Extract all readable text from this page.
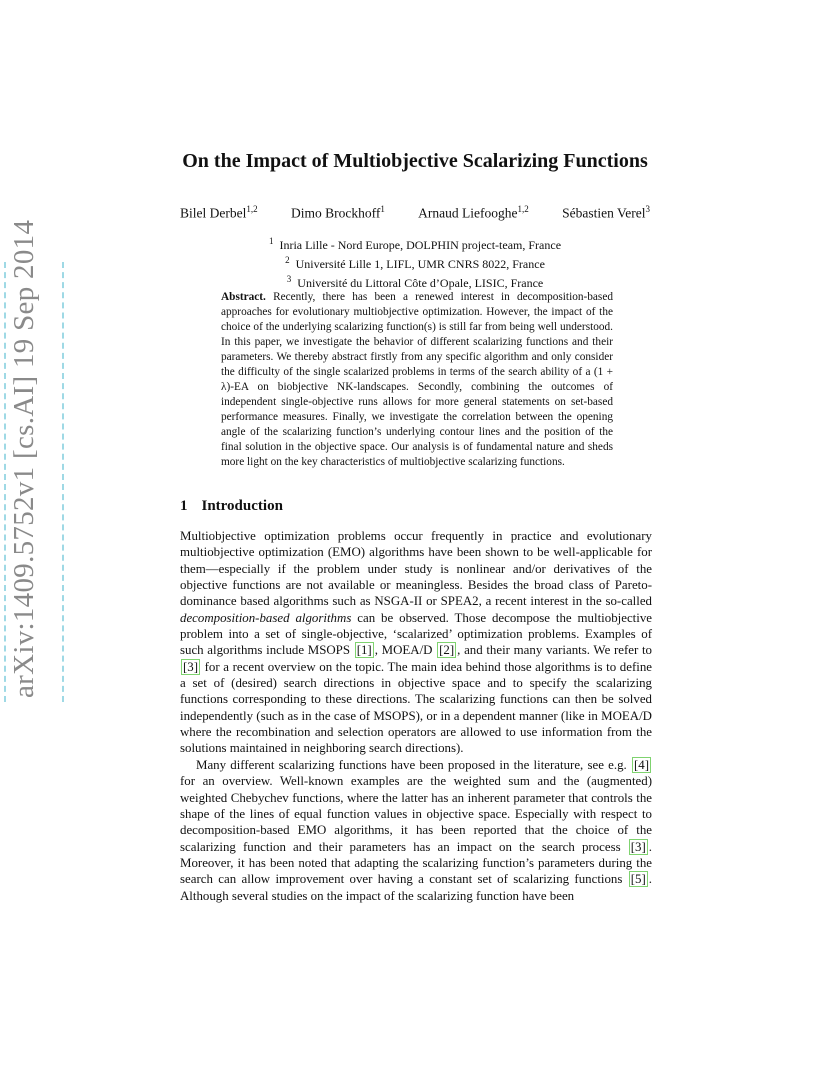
arXiv:1409.5752v1 [cs.AI] 19 Sep 2014
On the Impact of Multiobjective Scalarizing Functions
Bilel Derbel$^{1,2}$ Dimo Brockhoff$^1$ Arnaud Liefooghe$^{1,2}$ Sébastien Verel$^3$
$^1$ Inria Lille - Nord Europe, DOLPHIN project-team, France
$^2$ Université Lille 1, LIFL, UMR CNRS 8022, France
$^3$ Université du Littoral Côte d’Opale, LISIC, France
Abstract. Recently, there has been a renewed interest in decomposition-based approaches for evolutionary multiobjective optimization. However, the impact of the choice of the underlying scalarizing function(s) is still far from being well understood. In this paper, we investigate the behavior of different scalarizing functions and their parameters. We thereby abstract firstly from any specific algorithm and only consider the difficulty of the single scalarized problems in terms of the search ability of a (1 + λ)-EA on biobjective NK-landscapes. Secondly, combining the outcomes of independent single-objective runs allows for more general statements on set-based performance measures. Finally, we investigate the correlation between the opening angle of the scalarizing function’s underlying contour lines and the position of the final solution in the objective space. Our analysis is of fundamental nature and sheds more light on the key characteristics of multiobjective scalarizing functions.
1 Introduction

Multiobjective optimization problems occur frequently in practice and evolutionary multiobjective optimization (EMO) algorithms have been shown to be well-applicable for them—especially if the problem under study is nonlinear and/or derivatives of the objective functions are not available or meaningless. Besides the broad class of Pareto-dominance based algorithms such as NSGA-II or SPEA2, a recent interest in the so-called decomposition-based algorithms can be observed. Those decompose the multiobjective problem into a set of single-objective, ‘scalarized’ optimization problems. Examples of such algorithms include MSOPS [1] , MOEA/D [2] , and their many variants. We refer to [3] for a recent overview on the topic. The main idea behind those algorithms is to define a set of (desired) search directions in objective space and to specify the scalarizing functions corresponding to these directions. The scalarizing functions can then be solved independently (such as in the case of MSOPS), or in a dependent manner (like in MOEA/D where the recombination and selection operators are allowed to use information from the solutions maintained in neighboring search directions).

Many different scalarizing functions have been proposed in the literature, see e.g. [4] for an overview. Well-known examples are the weighted sum and the (augmented) weighted Chebychev functions, where the latter has an inherent parameter that controls the shape of the lines of equal function values in objective space. Especially with respect to decomposition-based EMO algorithms, it has been reported that the choice of the scalarizing function and their parameters has an impact on the search process [3] . Moreover, it has been noted that adapting the scalarizing function’s parameters during the search can allow improvement over having a constant set of scalarizing functions [5] . Although several studies on the impact of the scalarizing function have been
